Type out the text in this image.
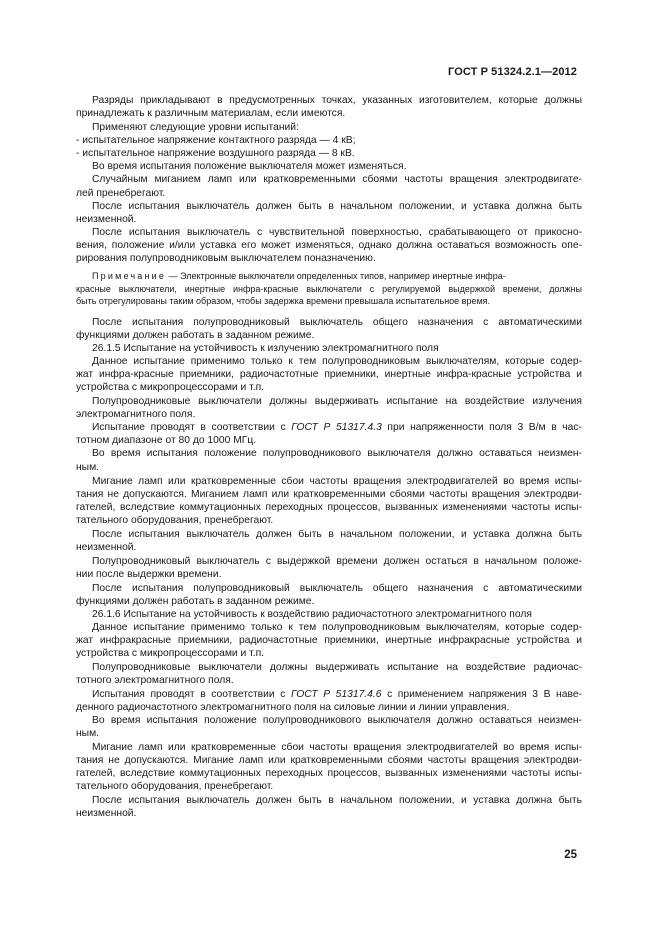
ГОСТ Р 51324.2.1—2012
Разряды прикладывают в предусмотренных точках, указанных изготовителем, которые должны
принадлежать к различным материалам, если имеются.
Применяют следующие уровни испытаний:
- испытательное напряжение контактного разряда — 4 кВ;
- испытательное напряжение воздушного разряда — 8 кВ.
Во время испытания положение выключателя может изменяться.
Случайным миганием ламп или кратковременными сбоями частоты вращения электродвигате-
лей пренебрегают.
После испытания выключатель должен быть в начальном положении, и уставка должна быть
неизменной.
После испытания выключатель с чувствительной поверхностью, срабатывающего от прикосно-
вения, положение и/или уставка его может изменяться, однако должна оставаться возможность опе-
рирования полупроводниковым выключателем поназначению.
Примечание — Электронные выключатели определенных типов, например инертные инфра-
красные выключатели, инертные инфра-красные выключатели с регулируемой выдержкой времени, должны
быть отрегулированы таким образом, чтобы задержка времени превышала испытательное время.
После испытания полупроводниковый выключатель общего назначения с автоматическими
функциями должен работать в заданном режиме.
26.1.5 Испытание на устойчивость к излучению электромагнитного поля
Данное испытание применимо только к тем полупроводниковым выключателям, которые содер-
жат инфра-красные приемники, радиочастотные приемники, инертные инфра-красные устройства и
устройства с микропроцессорами и т.п.
Полупроводниковые выключатели должны выдерживать испытание на воздействие излучения
электромагнитного поля.
Испытание проводят в соответствии с ГОСТ Р 51317.4.3 при напряженности поля 3 В/м в час-
тотном диапазоне от 80 до 1000 МГц.
Во время испытания положение полупроводникового выключателя должно оставаться неизмен-
ным.
Мигание ламп или кратковременные сбои частоты вращения электродвигателей во время испы-
тания не допускаются. Миганием ламп или кратковременными сбоями частоты вращения электродви-
гателей, вследствие коммутационных переходных процессов, вызванных изменениями частоты испы-
тательного оборудования, пренебрегают.
После испытания выключатель должен быть в начальном положении, и уставка должна быть
неизменной.
Полупроводниковый выключатель с выдержкой времени должен остаться в начальном положе-
нии после выдержки времени.
После испытания полупроводниковый выключатель общего назначения с автоматическими
функциями должен работать в заданном режиме.
26.1.6 Испытание на устойчивость к воздействию радиочастотного электромагнитного поля
Данное испытание применимо только к тем полупроводниковым выключателям, которые содер-
жат инфракрасные приемники, радиочастотные приемники, инертные инфракрасные устройства и
устройства с микропроцессорами и т.п.
Полупроводниковые выключатели должны выдерживать испытание на воздействие радиочас-
тотного электромагнитного поля.
Испытания проводят в соответствии с ГОСТ Р 51317.4.6 с применением напряжения 3 В наве-
денного радиочастотного электромагнитного поля на силовые линии и линии управления.
Во время испытания положение полупроводникового выключателя должно оставаться неизмен-
ным.
Мигание ламп или кратковременные сбои частоты вращения электродвигателей во время испы-
тания не допускаются. Мигание ламп или кратковременными сбоями частоты вращения электродви-
гателей, вследствие коммутационных переходных процессов, вызванных изменениями частоты испы-
тательного оборудования, пренебрегают.
После испытания выключатель должен быть в начальном положении, и уставка должна быть
неизменной.
25
